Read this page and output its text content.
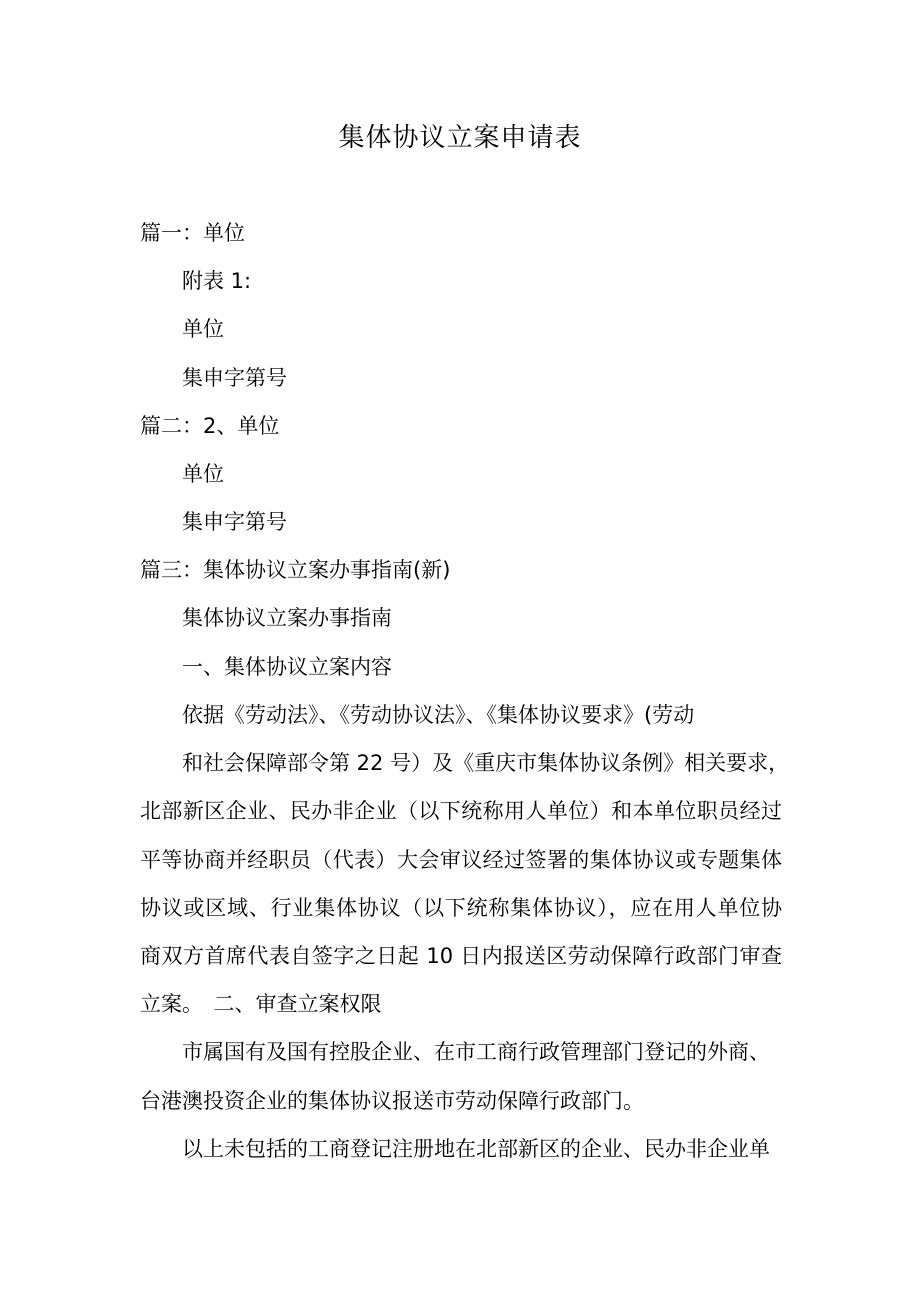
集体协议立案申请表
篇一：单位
附表 1:
单位
集申字第号
篇二：2、单位
单位
集申字第号
篇三：集体协议立案办事指南(新)
集体协议立案办事指南
一、集体协议立案内容
依据《劳动法》、《劳动协议法》、《集体协议要求》(劳动
和社会保障部令第 22 号）及《重庆市集体协议条例》相关要求，
北部新区企业、民办非企业（以下统称用人单位）和本单位职员经过
平等协商并经职员（代表）大会审议经过签署的集体协议或专题集体
协议或区域、行业集体协议（以下统称集体协议），应在用人单位协
商双方首席代表自签字之日起 10 日内报送区劳动保障行政部门审查
立案。　二、审查立案权限
市属国有及国有控股企业、在市工商行政管理部门登记的外商、
台港澳投资企业的集体协议报送市劳动保障行政部门。
以上未包括的工商登记注册地在北部新区的企业、民办非企业单
